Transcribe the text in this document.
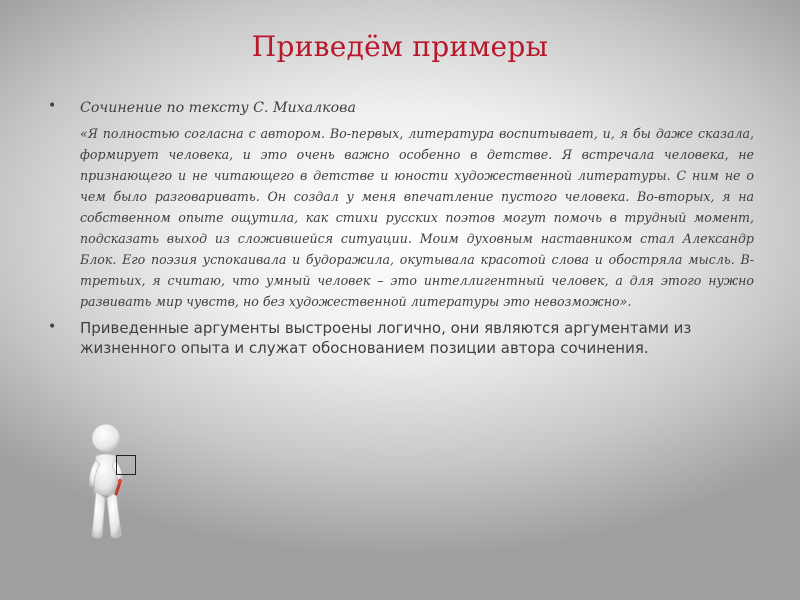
Приведём примеры
• Сочинение по тексту С. Михалкова

«Я полностью согласна с автором. Во-первых, литература воспитывает, и, я бы даже сказала, формирует человека, и это очень важно особенно в детстве. Я встречала человека, не признающего и не читающего в детстве и юности художественной литературы. С ним не о чем было разговаривать. Он создал у меня впечатление пустого человека. Во-вторых, я на собственном опыте ощутила, как стихи русских поэтов могут помочь в трудный момент, подсказать выход из сложившейся ситуации. Моим духовным наставником стал Александр Блок. Его поэзия успокаивала и будоражила, окутывала красотой слова и обостряла мысль. В-третьих, я считаю, что умный человек – это интеллигентный человек, а для этого нужно развивать мир чувств, но без художественной литературы это невозможно».

• Приведенные аргументы выстроены логично, они являются аргументами из жизненного опыта и служат обоснованием позиции автора сочинения.
